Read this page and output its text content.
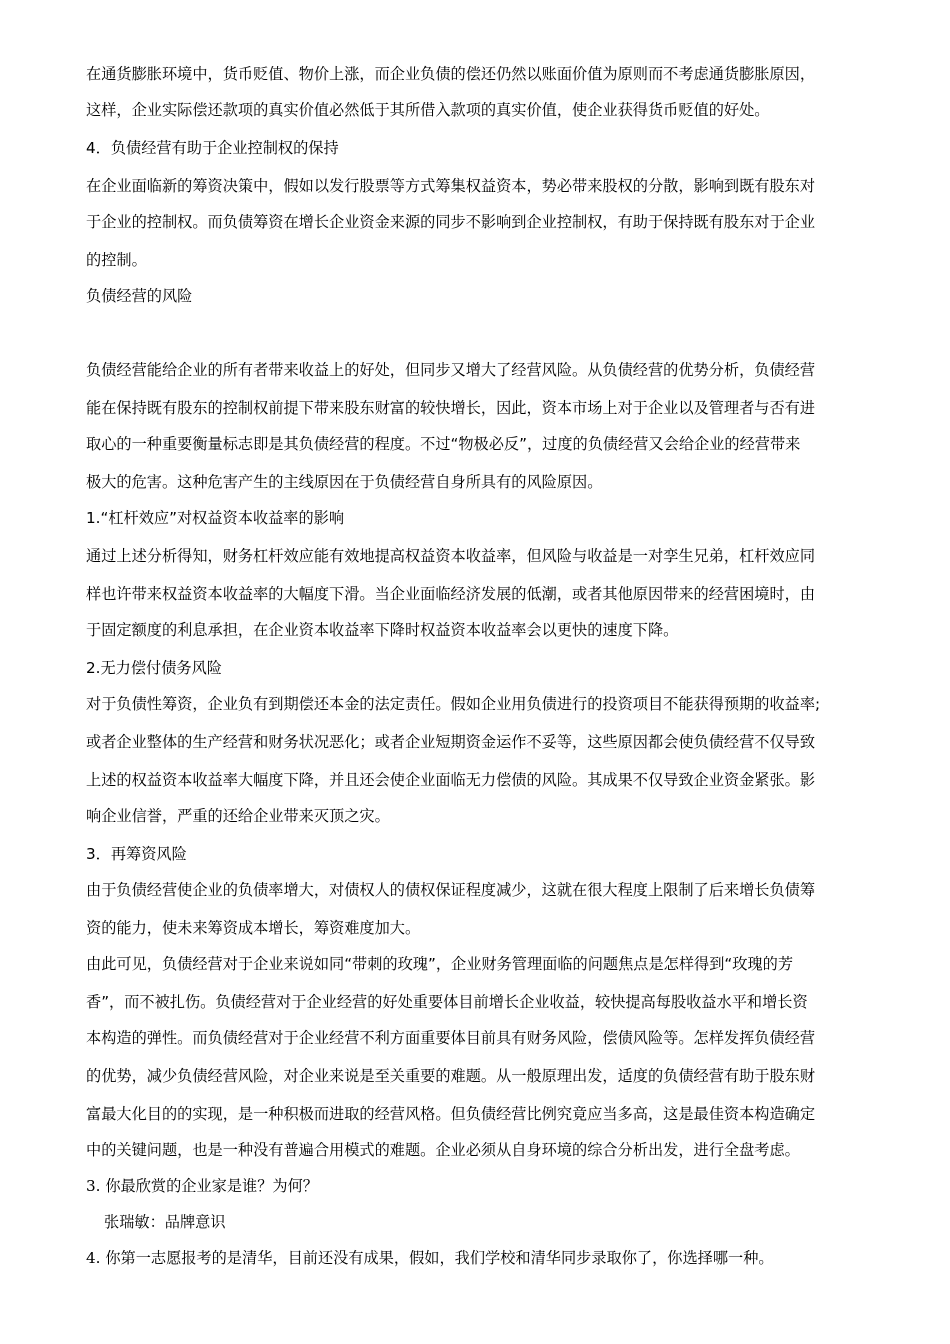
在通货膨胀环境中，货币贬值、物价上涨，而企业负债的偿还仍然以账面价值为原则而不考虑通货膨胀原因，
这样，企业实际偿还款项的真实价值必然低于其所借入款项的真实价值，使企业获得货币贬值的好处。
4．负债经营有助于企业控制权的保持
在企业面临新的筹资决策中，假如以发行股票等方式筹集权益资本，势必带来股权的分散，影响到既有股东对
于企业的控制权。而负债筹资在增长企业资金来源的同步不影响到企业控制权，有助于保持既有股东对于企业
的控制。
负债经营的风险
负债经营能给企业的所有者带来收益上的好处，但同步又增大了经营风险。从负债经营的优势分析，负债经营
能在保持既有股东的控制权前提下带来股东财富的较快增长，因此，资本市场上对于企业以及管理者与否有进
取心的一种重要衡量标志即是其负债经营的程度。不过“物极必反”，过度的负债经营又会给企业的经营带来
极大的危害。这种危害产生的主线原因在于负债经营自身所具有的风险原因。
1.“杠杆效应”对权益资本收益率的影响
通过上述分析得知，财务杠杆效应能有效地提高权益资本收益率，但风险与收益是一对孪生兄弟，杠杆效应同
样也许带来权益资本收益率的大幅度下滑。当企业面临经济发展的低潮，或者其他原因带来的经营困境时，由
于固定额度的利息承担，在企业资本收益率下降时权益资本收益率会以更快的速度下降。
2.无力偿付债务风险
对于负债性筹资，企业负有到期偿还本金的法定责任。假如企业用负债进行的投资项目不能获得预期的收益率;
或者企业整体的生产经营和财务状况恶化；或者企业短期资金运作不妥等，这些原因都会使负债经营不仅导致
上述的权益资本收益率大幅度下降，并且还会使企业面临无力偿债的风险。其成果不仅导致企业资金紧张。影
响企业信誉，严重的还给企业带来灭顶之灾。
3．再筹资风险
由于负债经营使企业的负债率增大，对债权人的债权保证程度减少，这就在很大程度上限制了后来增长负债筹
资的能力，使未来筹资成本增长，筹资难度加大。
由此可见，负债经营对于企业来说如同“带刺的玫瑰”，企业财务管理面临的问题焦点是怎样得到“玫瑰的芳
香”，而不被扎伤。负债经营对于企业经营的好处重要体目前增长企业收益，较快提高每股收益水平和增长资
本构造的弹性。而负债经营对于企业经营不利方面重要体目前具有财务风险，偿债风险等。怎样发挥负债经营
的优势，减少负债经营风险，对企业来说是至关重要的难题。从一般原理出发，适度的负债经营有助于股东财
富最大化目的的实现，是一种积极而进取的经营风格。但负债经营比例究竟应当多高，这是最佳资本构造确定
中的关键问题，也是一种没有普遍合用模式的难题。企业必须从自身环境的综合分析出发，进行全盘考虑。
3. 你最欣赏的企业家是谁？为何？
张瑞敏：品牌意识
4. 你第一志愿报考的是清华，目前还没有成果，假如，我们学校和清华同步录取你了，你选择哪一种。
